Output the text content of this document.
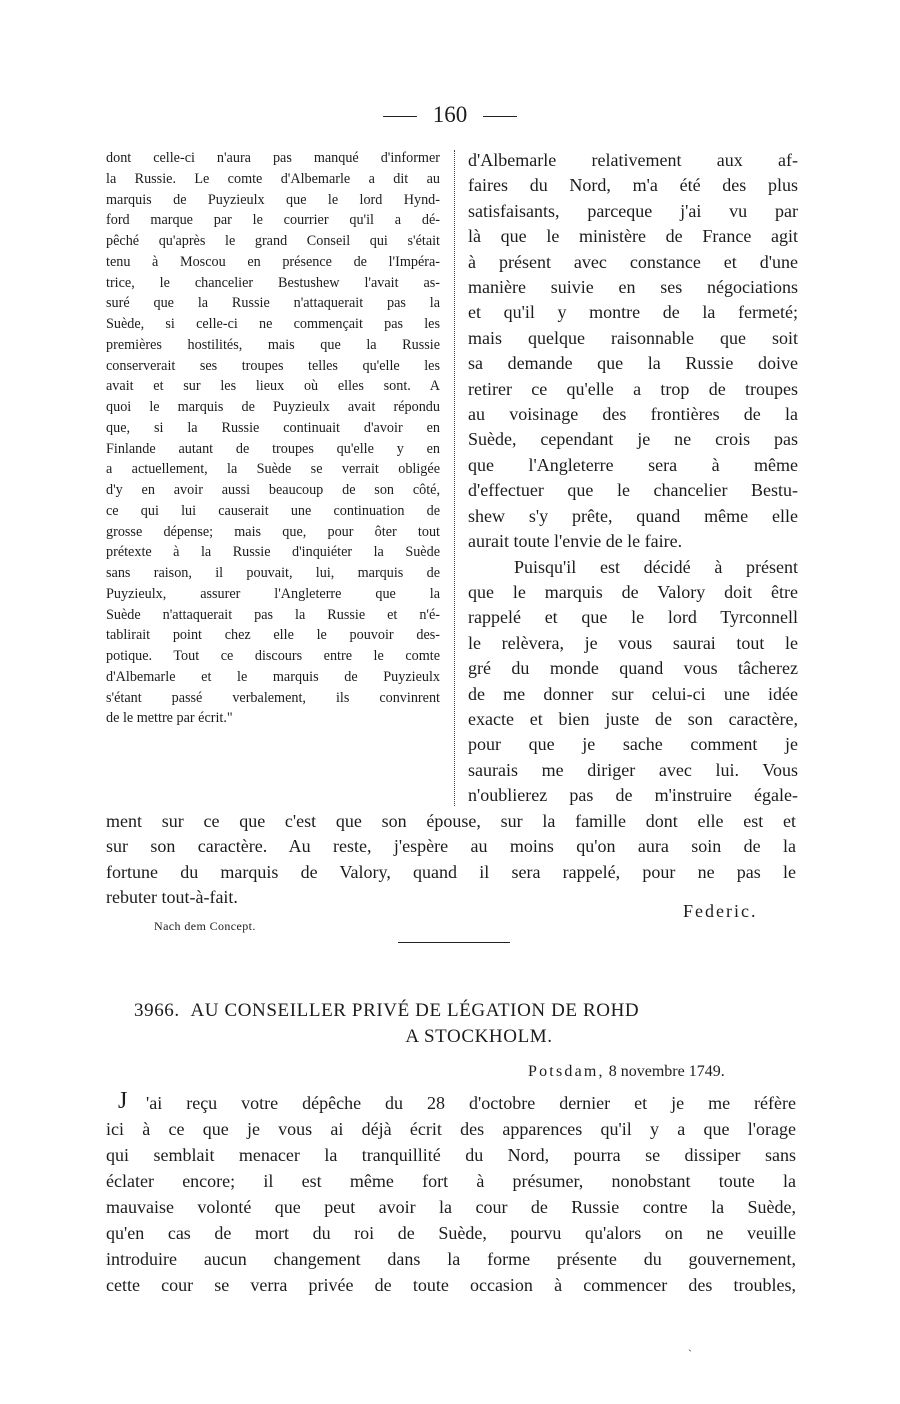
160
dont celle-ci n'aura pas manqué d'informer
la Russie. Le comte d'Albemarle a dit au
marquis de Puyzieulx que le lord Hynd-
ford marque par le courrier qu'il a dé-
pêché qu'après le grand Conseil qui s'était
tenu à Moscou en présence de l'Impéra-
trice, le chancelier Bestushew l'avait as-
suré que la Russie n'attaquerait pas la
Suède, si celle-ci ne commençait pas les
premières hostilités, mais que la Russie
conserverait ses troupes telles qu'elle les
avait et sur les lieux où elles sont. A
quoi le marquis de Puyzieulx avait répondu
que, si la Russie continuait d'avoir en
Finlande autant de troupes qu'elle y en
a actuellement, la Suède se verrait obligée
d'y en avoir aussi beaucoup de son côté,
ce qui lui causerait une continuation de
grosse dépense; mais que, pour ôter tout
prétexte à la Russie d'inquiéter la Suède
sans raison, il pouvait, lui, marquis de
Puyzieulx, assurer l'Angleterre que la
Suède n'attaquerait pas la Russie et n'é-
tablirait point chez elle le pouvoir des-
potique. Tout ce discours entre le comte
d'Albemarle et le marquis de Puyzieulx
s'étant passé verbalement, ils convinrent
de le mettre par écrit."
d'Albemarle relativement aux af-
faires du Nord, m'a été des plus
satisfaisants, parceque j'ai vu par
là que le ministère de France agit
à présent avec constance et d'une
manière suivie en ses négociations
et qu'il y montre de la fermeté;
mais quelque raisonnable que soit
sa demande que la Russie doive
retirer ce qu'elle a trop de troupes
au voisinage des frontières de la
Suède, cependant je ne crois pas
que l'Angleterre sera à même
d'effectuer que le chancelier Bestu-
shew s'y prête, quand même elle
aurait toute l'envie de le faire.
Puisqu'il est décidé à présent
que le marquis de Valory doit être
rappelé et que le lord Tyrconnell
le relèvera, je vous saurai tout le
gré du monde quand vous tâcherez
de me donner sur celui-ci une idée
exacte et bien juste de son caractère,
pour que je sache comment je
saurais me diriger avec lui. Vous
n'oublierez pas de m'instruire égale-
ment sur ce que c'est que son épouse, sur la famille dont elle est et
sur son caractère. Au reste, j'espère au moins qu'on aura soin de la
fortune du marquis de Valory, quand il sera rappelé, pour ne pas le
rebuter tout-à-fait.
Federic.
Nach dem Concept.
3966. AU CONSEILLER PRIVÉ DE LÉGATION DE ROHD
A STOCKHOLM.
Potsdam, 8 novembre 1749.
J 'ai reçu votre dépêche du 28 d'octobre dernier et je me réfère
ici à ce que je vous ai déjà écrit des apparences qu'il y a que l'orage
qui semblait menacer la tranquillité du Nord, pourra se dissiper sans
éclater encore; il est même fort à présumer, nonobstant toute la
mauvaise volonté que peut avoir la cour de Russie contre la Suède,
qu'en cas de mort du roi de Suède, pourvu qu'alors on ne veuille
introduire aucun changement dans la forme présente du gouvernement,
cette cour se verra privée de toute occasion à commencer des troubles,
ˎ
